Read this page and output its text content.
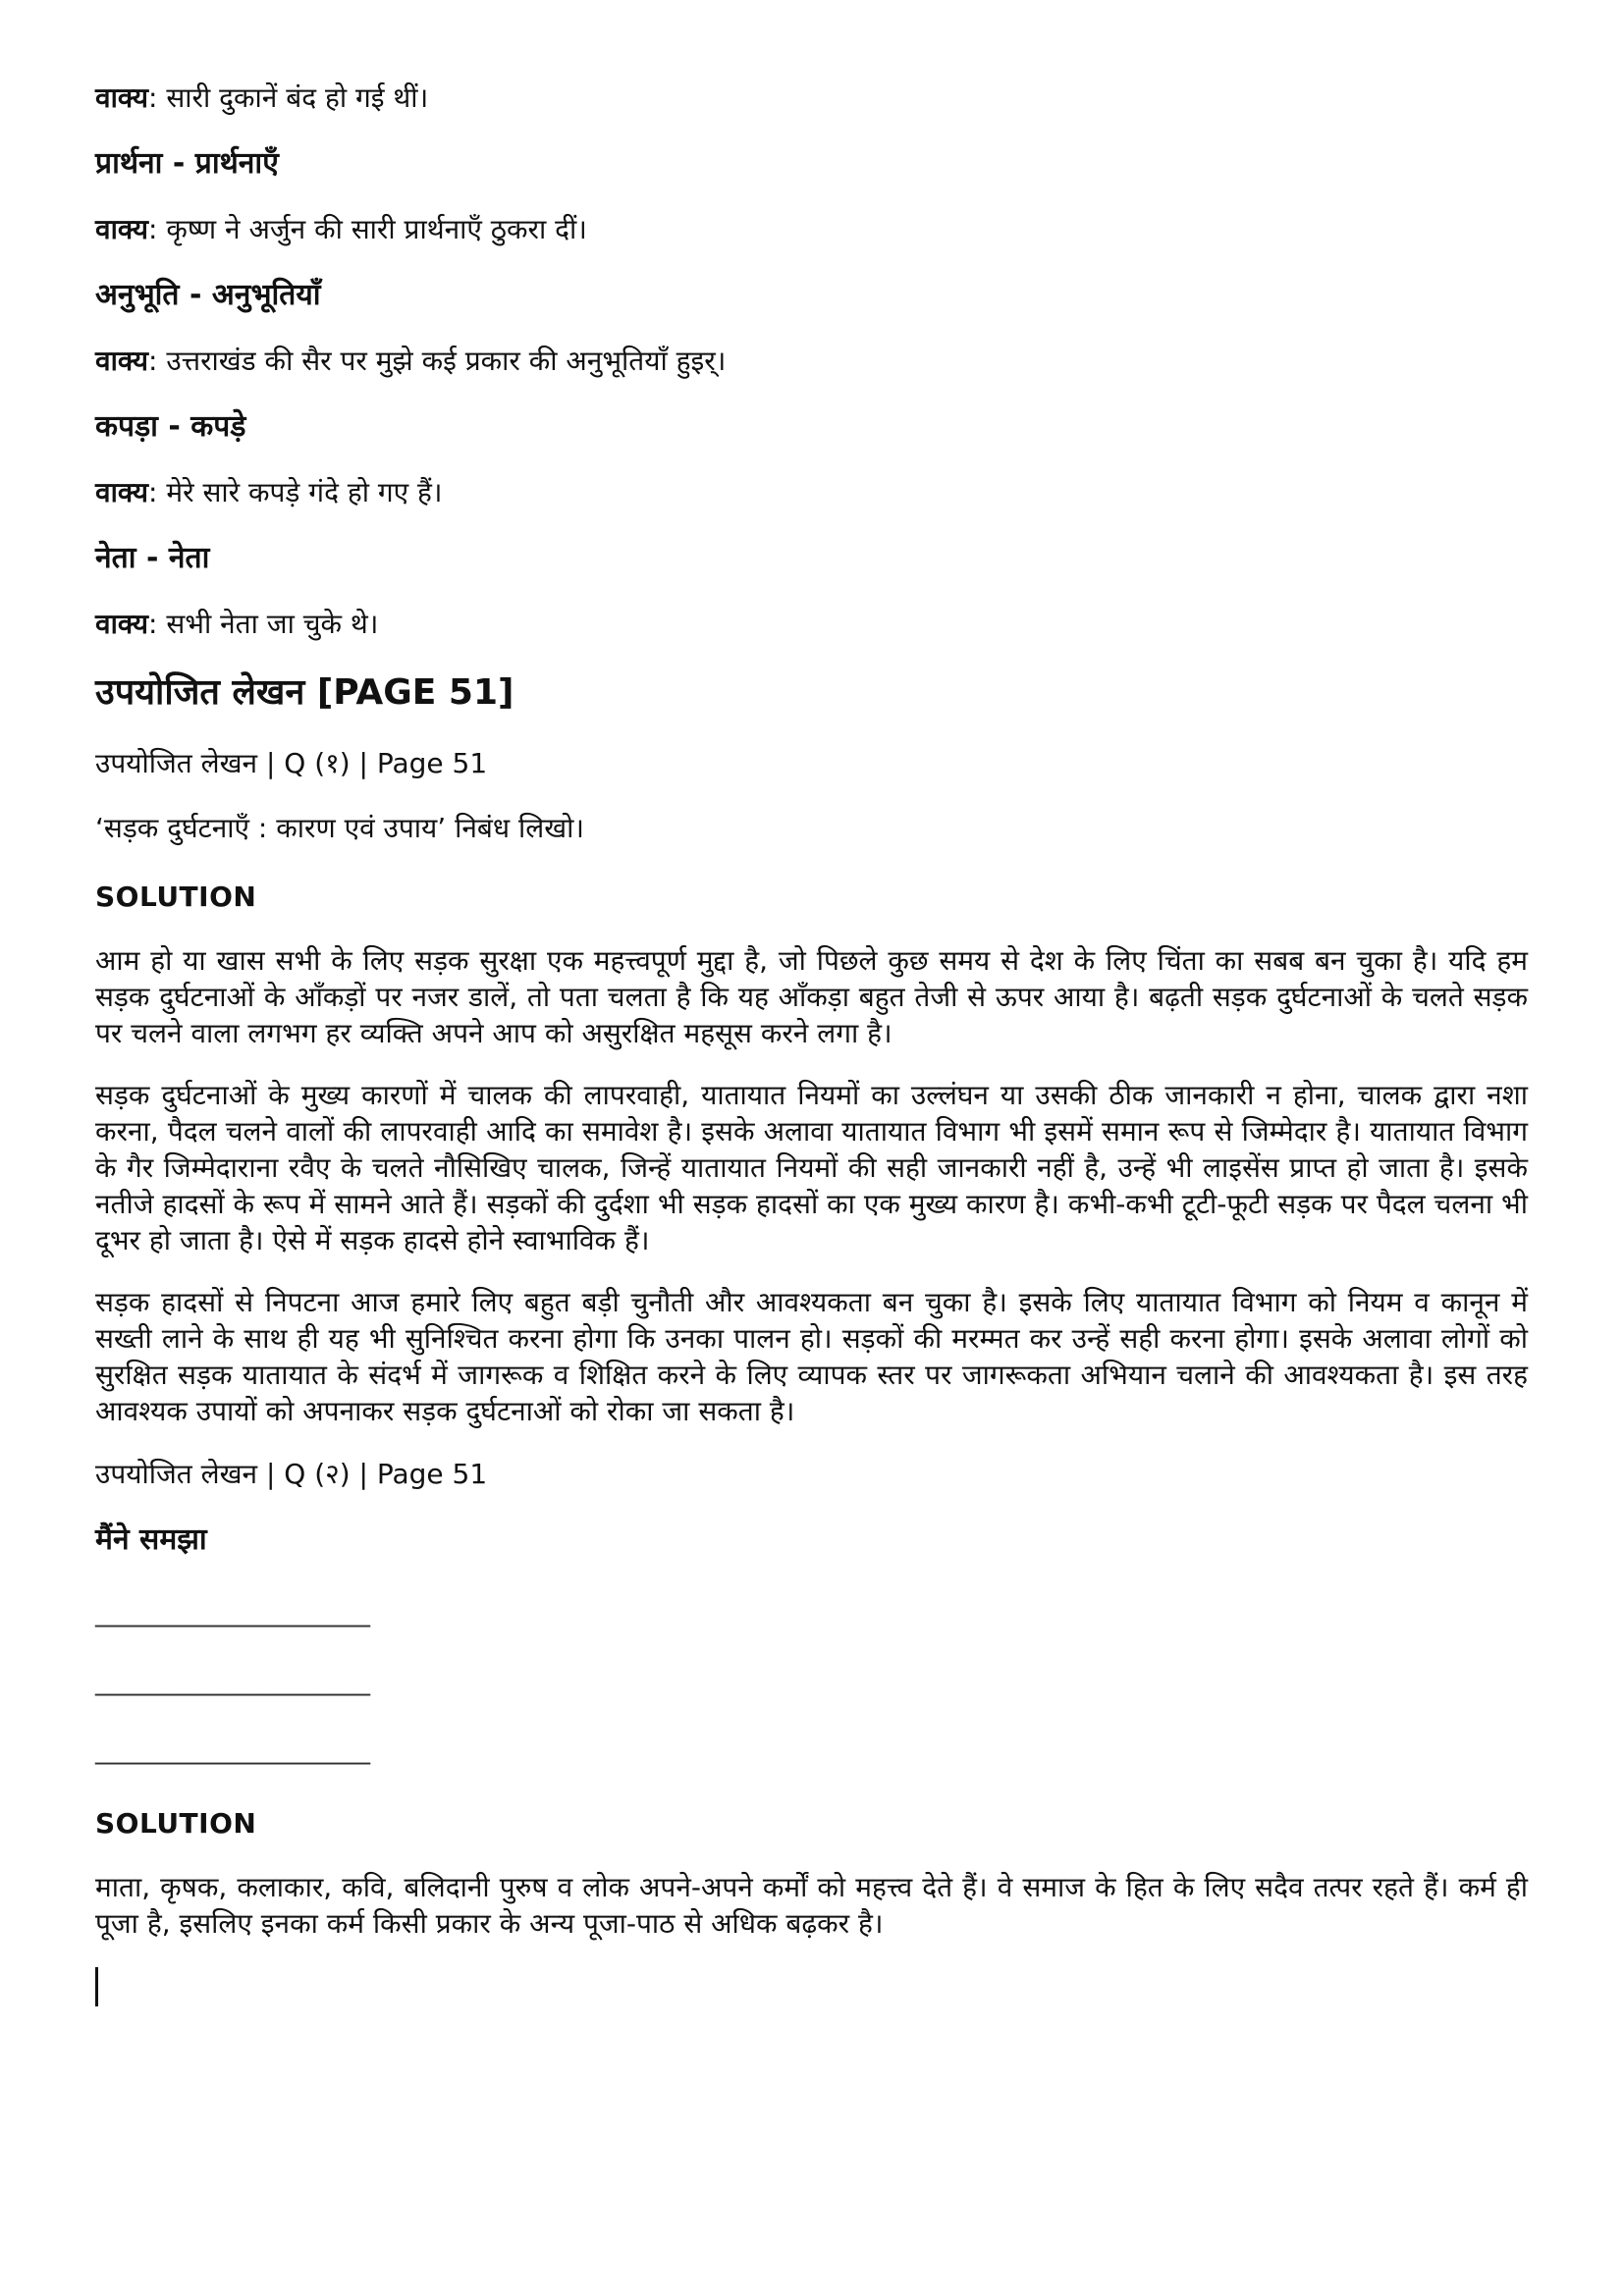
वाक्य: सारी दुकानें बंद हो गई थीं।
प्रार्थना - प्रार्थनाएँ
वाक्य: कृष्ण ने अर्जुन की सारी प्रार्थनाएँ ठुकरा दीं।
अनुभूति - अनुभूतियाँ
वाक्य: उत्तराखंड की सैर पर मुझे कई प्रकार की अनुभूतियाँ हुइर्।
कपड़ा - कपड़े
वाक्य: मेरे सारे कपड़े गंदे हो गए हैं।
नेता - नेता
वाक्य: सभी नेता जा चुके थे।
उपयोजित लेखन [PAGE 51]
उपयोजित लेखन | Q (१) | Page 51
‘सड़क दुर्घटनाएँ : कारण एवं उपाय’ निबंध लिखो।
SOLUTION
आम हो या खास सभी के लिए सड़क सुरक्षा एक महत्त्वपूर्ण मुद्दा है, जो पिछले कुछ समय से देश के लिए चिंता का सबब बन चुका है। यदि हम सड़क दुर्घटनाओं के आँकड़ों पर नजर डालें, तो पता चलता है कि यह आँकड़ा बहुत तेजी से ऊपर आया है। बढ़ती सड़क दुर्घटनाओं के चलते सड़क पर चलने वाला लगभग हर व्यक्ति अपने आप को असुरक्षित महसूस करने लगा है।
सड़क दुर्घटनाओं के मुख्य कारणों में चालक की लापरवाही, यातायात नियमों का उल्लंघन या उसकी ठीक जानकारी न होना, चालक द्वारा नशा करना, पैदल चलने वालों की लापरवाही आदि का समावेश है। इसके अलावा यातायात विभाग भी इसमें समान रूप से जिम्मेदार है। यातायात विभाग के गैर जिम्मेदाराना रवैए के चलते नौसिखिए चालक, जिन्हें यातायात नियमों की सही जानकारी नहीं है, उन्हें भी लाइसेंस प्राप्त हो जाता है। इसके नतीजे हादसों के रूप में सामने आते हैं। सड़कों की दुर्दशा भी सड़क हादसों का एक मुख्य कारण है। कभी-कभी टूटी-फूटी सड़क पर पैदल चलना भी दूभर हो जाता है। ऐसे में सड़क हादसे होने स्वाभाविक हैं।
सड़क हादसों से निपटना आज हमारे लिए बहुत बड़ी चुनौती और आवश्यकता बन चुका है। इसके लिए यातायात विभाग को नियम व कानून में सख्ती लाने के साथ ही यह भी सुनिश्चित करना होगा कि उनका पालन हो। सड़कों की मरम्मत कर उन्हें सही करना होगा। इसके अलावा लोगों को सुरक्षित सड़क यातायात के संदर्भ में जागरूक व शिक्षित करने के लिए व्यापक स्तर पर जागरूकता अभियान चलाने की आवश्यकता है। इस तरह आवश्यक उपायों को अपनाकर सड़क दुर्घटनाओं को रोका जा सकता है।
उपयोजित लेखन | Q (२) | Page 51
मैंने समझा
____________________
____________________
____________________
SOLUTION
माता, कृषक, कलाकार, कवि, बलिदानी पुरुष व लोक अपने-अपने कर्मों को महत्त्व देते हैं। वे समाज के हित के लिए सदैव तत्पर रहते हैं। कर्म ही पूजा है, इसलिए इनका कर्म किसी प्रकार के अन्य पूजा-पाठ से अधिक बढ़कर है।
